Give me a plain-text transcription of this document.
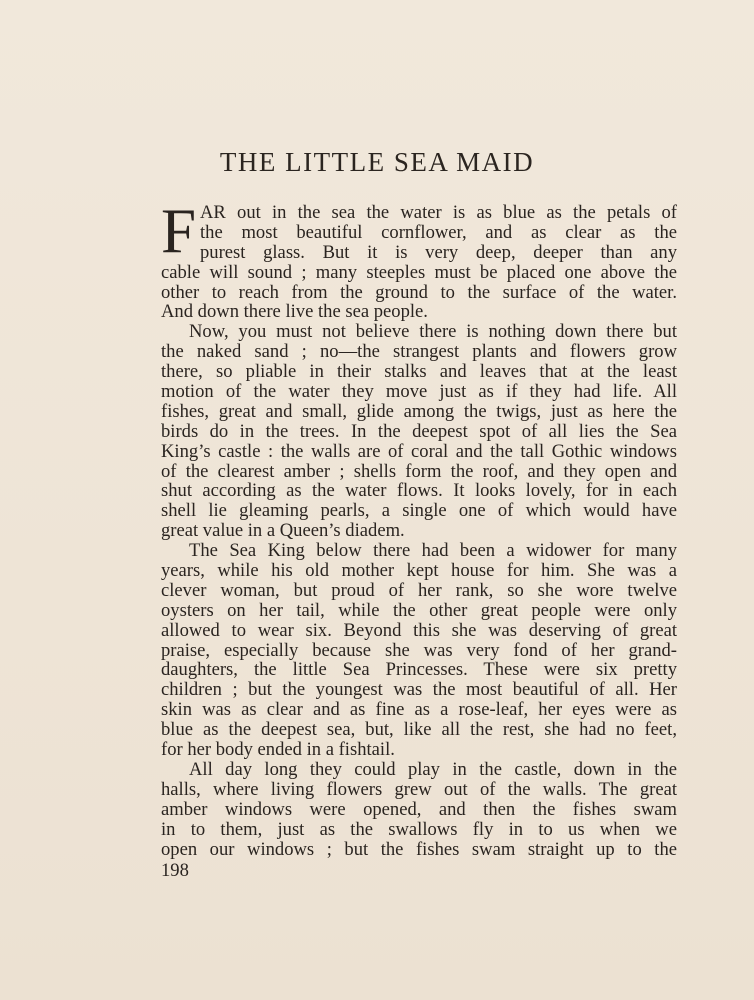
THE LITTLE SEA MAID
F AR out in the sea the water is as blue as the petals of
the most beautiful cornflower, and as clear as the
purest glass. But it is very deep, deeper than any
cable will sound ; many steeples must be placed one above the
other to reach from the ground to the surface of the water.
And down there live the sea people.
Now, you must not believe there is nothing down there but
the naked sand ; no—the strangest plants and flowers grow
there, so pliable in their stalks and leaves that at the least
motion of the water they move just as if they had life. All
fishes, great and small, glide among the twigs, just as here the
birds do in the trees. In the deepest spot of all lies the Sea
King’s castle : the walls are of coral and the tall Gothic windows
of the clearest amber ; shells form the roof, and they open and
shut according as the water flows. It looks lovely, for in each
shell lie gleaming pearls, a single one of which would have
great value in a Queen’s diadem.
The Sea King below there had been a widower for many
years, while his old mother kept house for him. She was a
clever woman, but proud of her rank, so she wore twelve
oysters on her tail, while the other great people were only
allowed to wear six. Beyond this she was deserving of great
praise, especially because she was very fond of her grand-
daughters, the little Sea Princesses. These were six pretty
children ; but the youngest was the most beautiful of all. Her
skin was as clear and as fine as a rose-leaf, her eyes were as
blue as the deepest sea, but, like all the rest, she had no feet,
for her body ended in a fishtail.
All day long they could play in the castle, down in the
halls, where living flowers grew out of the walls. The great
amber windows were opened, and then the fishes swam
in to them, just as the swallows fly in to us when we
open our windows ; but the fishes swam straight up to the
198
